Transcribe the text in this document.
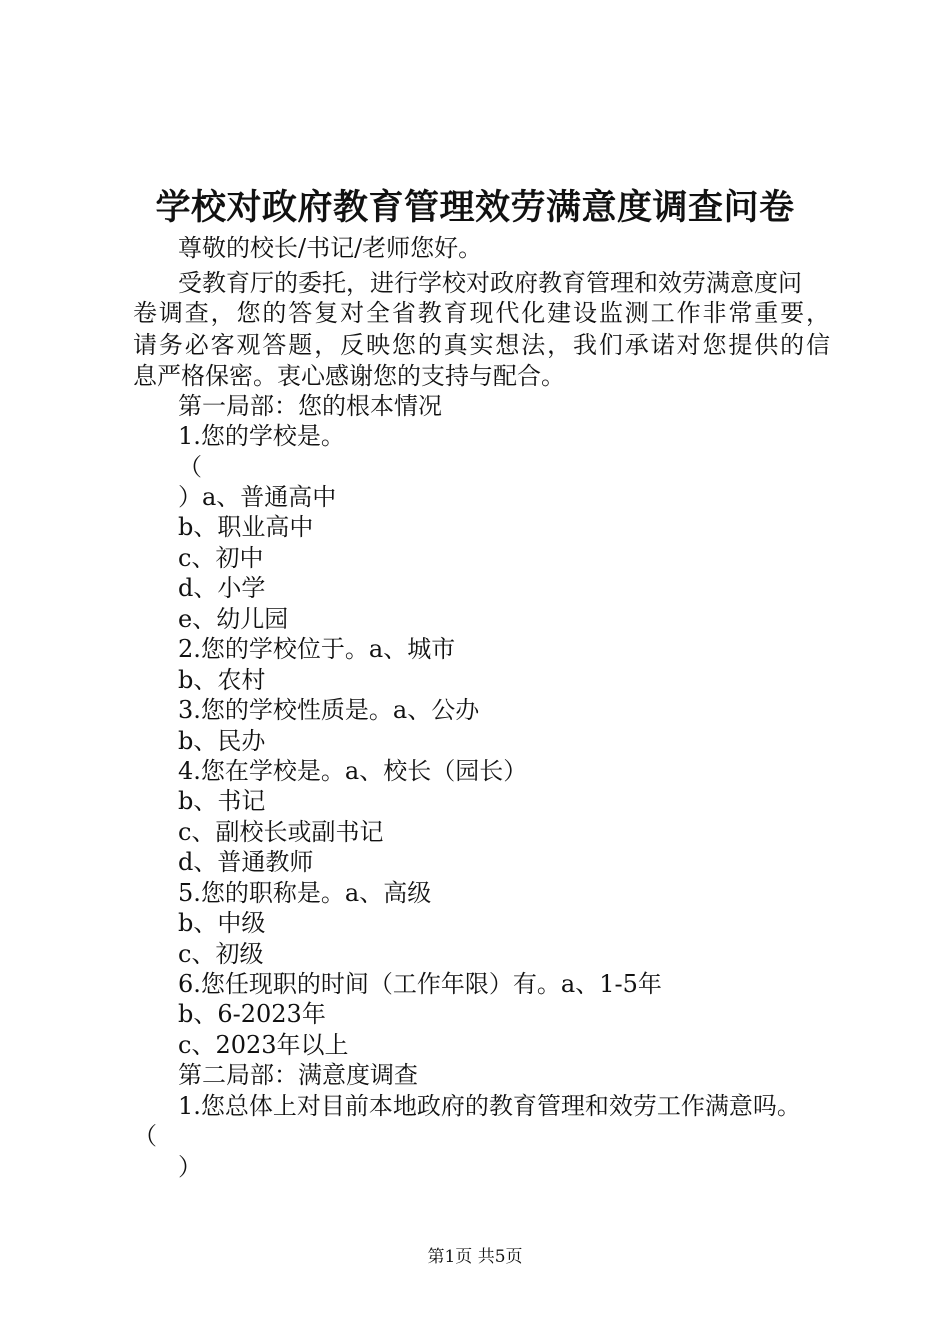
学校对政府教育管理效劳满意度调查问卷
尊敬的校长/书记/老师您好。
受教育厅的委托，进行学校对政府教育管理和效劳满意度问
卷调查，您的答复对全省教育现代化建设监测工作非常重要，
请务必客观答题，反映您的真实想法，我们承诺对您提供的信
息严格保密。衷心感谢您的支持与配合。
第一局部：您的根本情况
1.您的学校是。
（
）a、普通高中
b、职业高中
c、初中
d、小学
e、幼儿园
2.您的学校位于。a、城市
b、农村
3.您的学校性质是。a、公办
b、民办
4.您在学校是。a、校长（园长）
b、书记
c、副校长或副书记
d、普通教师
5.您的职称是。a、高级
b、中级
c、初级
6.您任现职的时间（工作年限）有。a、1-5年
b、6-2023年
c、2023年以上
第二局部：满意度调查
1.您总体上对目前本地政府的教育管理和效劳工作满意吗。
（
）
第1页 共5页
